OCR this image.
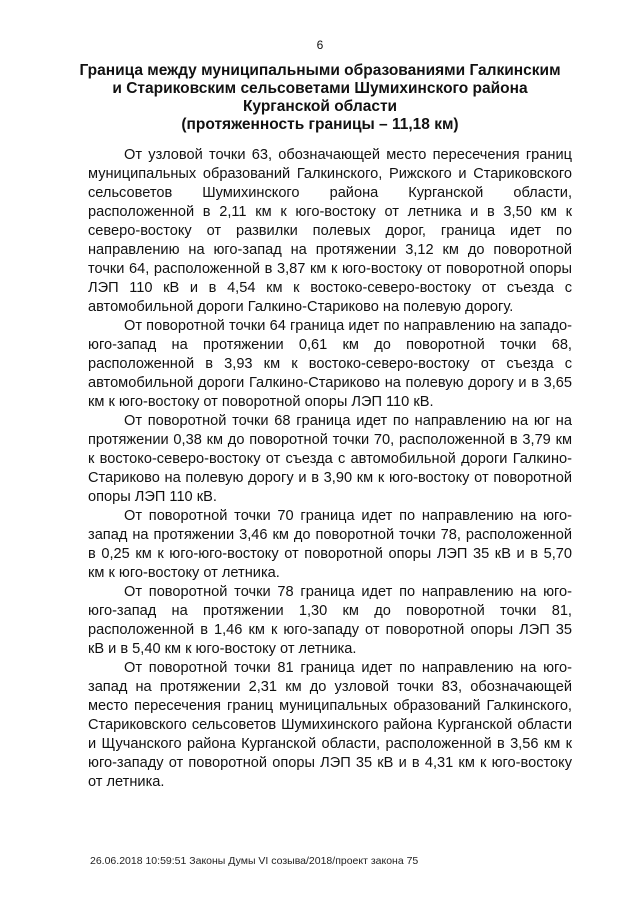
6
Граница между муниципальными образованиями Галкинским
и Стариковским сельсоветами Шумихинского района
Курганской области
(протяженность границы – 11,18 км)

От узловой точки 63, обозначающей место пересечения границ муниципальных образований Галкинского, Рижского и Стариковского сельсоветов Шумихинского района Курганской области, расположенной в 2,11 км к юго-востоку от летника и в 3,50 км к северо-востоку от развилки полевых дорог, граница идет по направлению на юго-запад на протяжении 3,12 км до поворотной точки 64, расположенной в 3,87 км к юго-востоку от поворотной опоры ЛЭП 110 кВ и в 4,54 км к востоко-северо-востоку от съезда с автомобильной дороги Галкино-Стариково на полевую дорогу.

От поворотной точки 64 граница идет по направлению на западо-юго-запад на протяжении 0,61 км до поворотной точки 68, расположенной в 3,93 км к востоко-северо-востоку от съезда с автомобильной дороги Галкино-Стариково на полевую дорогу и в 3,65 км к юго-востоку от поворотной опоры ЛЭП 110 кВ.

От поворотной точки 68 граница идет по направлению на юг на протяжении 0,38 км до поворотной точки 70, расположенной в 3,79 км к востоко-северо-востоку от съезда с автомобильной дороги Галкино-Стариково на полевую дорогу и в 3,90 км к юго-востоку от поворотной опоры ЛЭП 110 кВ.

От поворотной точки 70 граница идет по направлению на юго-запад на протяжении 3,46 км до поворотной точки 78, расположенной в 0,25 км к юго-юго-востоку от поворотной опоры ЛЭП 35 кВ и в 5,70 км к юго-востоку от летника.

От поворотной точки 78 граница идет по направлению на юго-юго-запад на протяжении 1,30 км до поворотной точки 81, расположенной в 1,46 км к юго-западу от поворотной опоры ЛЭП 35 кВ и в 5,40 км к юго-востоку от летника.

От поворотной точки 81 граница идет по направлению на юго-запад на протяжении 2,31 км до узловой точки 83, обозначающей место пересечения границ муниципальных образований Галкинского, Стариковского сельсоветов Шумихинского района Курганской области и Щучанского района Курганской области, расположенной в 3,56 км к юго-западу от поворотной опоры ЛЭП 35 кВ и в 4,31 км к юго-востоку от летника.

26.06.2018 10:59:51 Законы Думы VI созыва/2018/проект закона 75
